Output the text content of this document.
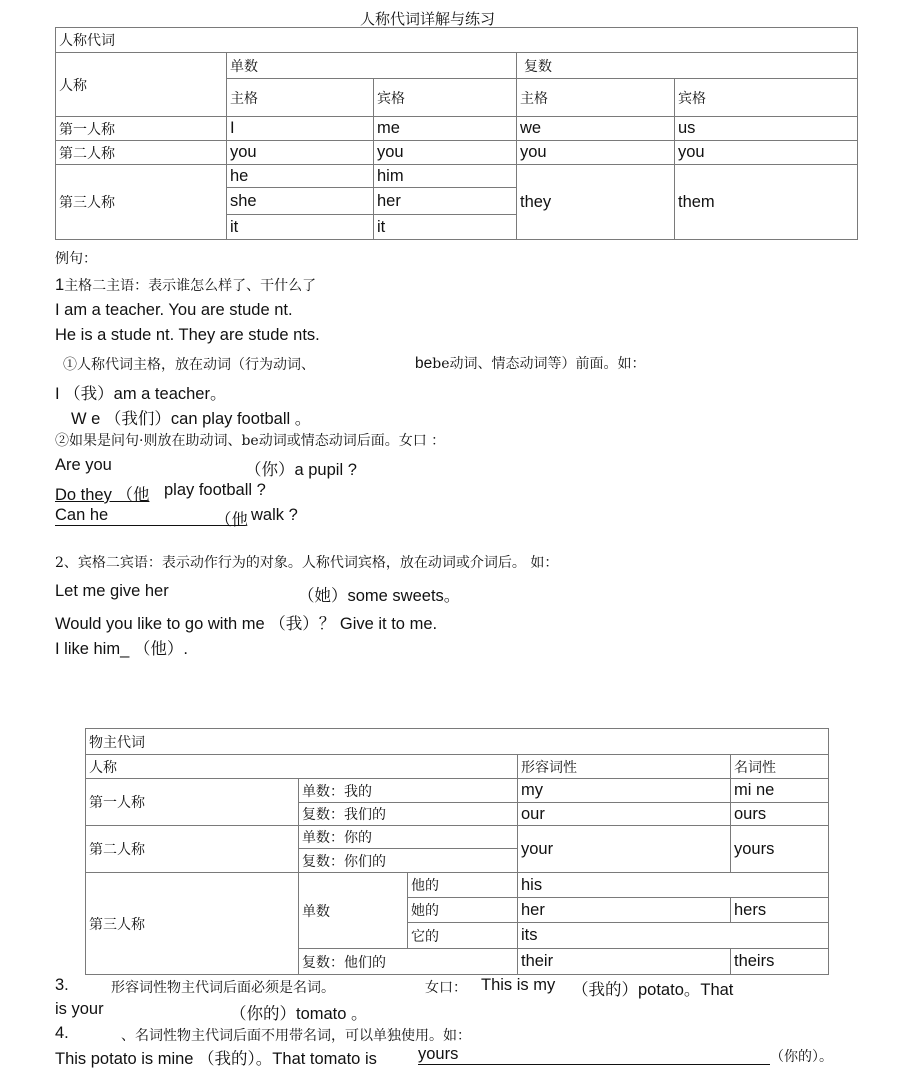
人称代词详解与练习
人称代词				
人称	单数		复数	
	主格	宾格	主格	宾格
第一人称	I	me	we	us
第二人称	you	you	you	you
第三人称	he	him	they	them
	she	her		
	it	it		
例句：
1主格二主语：表示谁怎么样了、干什么了
I am a teacher. You are stude nt.
He is a stude nt. They are stude nts.
①人称代词主格，放在动词（行为动词、	bebe动词、情态动词等）前面。如：
I （我）am a teacher。
W e （我们）can play football 。
②如果是问句·则放在助动词、be动词或情态动词后面。女口 ：
Are you	（你）a pupil ?
Do they （他 play football ?
Can he	（他 walk ?
2、宾格二宾语：表示动作行为的对象。人称代词宾格，放在动词或介词后。 如：
Let me give her	（她）some sweets。
Would you like to go with me （我）？ Give it to me.
I like him_ （他）.
物主代词				
人称			形容词性	名词性
第一人称	单数：我的		my	mi ne
	复数：我们的		our	ours
第二人称	单数：你的		your	yours
	复数：你们的			
第三人称	单数	他的	his	
		她的	her	hers
		它的	its	
	复数：他们的		their	theirs
3.	形容词性物主代词后面必须是名词。	女口： This is my （我的）potato。That
is your	（你的）tomato 。
4.	、名词性物主代词后面不用带名词，可以单独使用。如：
This potato is mine （我的）。That tomato is yours	（你的）。
